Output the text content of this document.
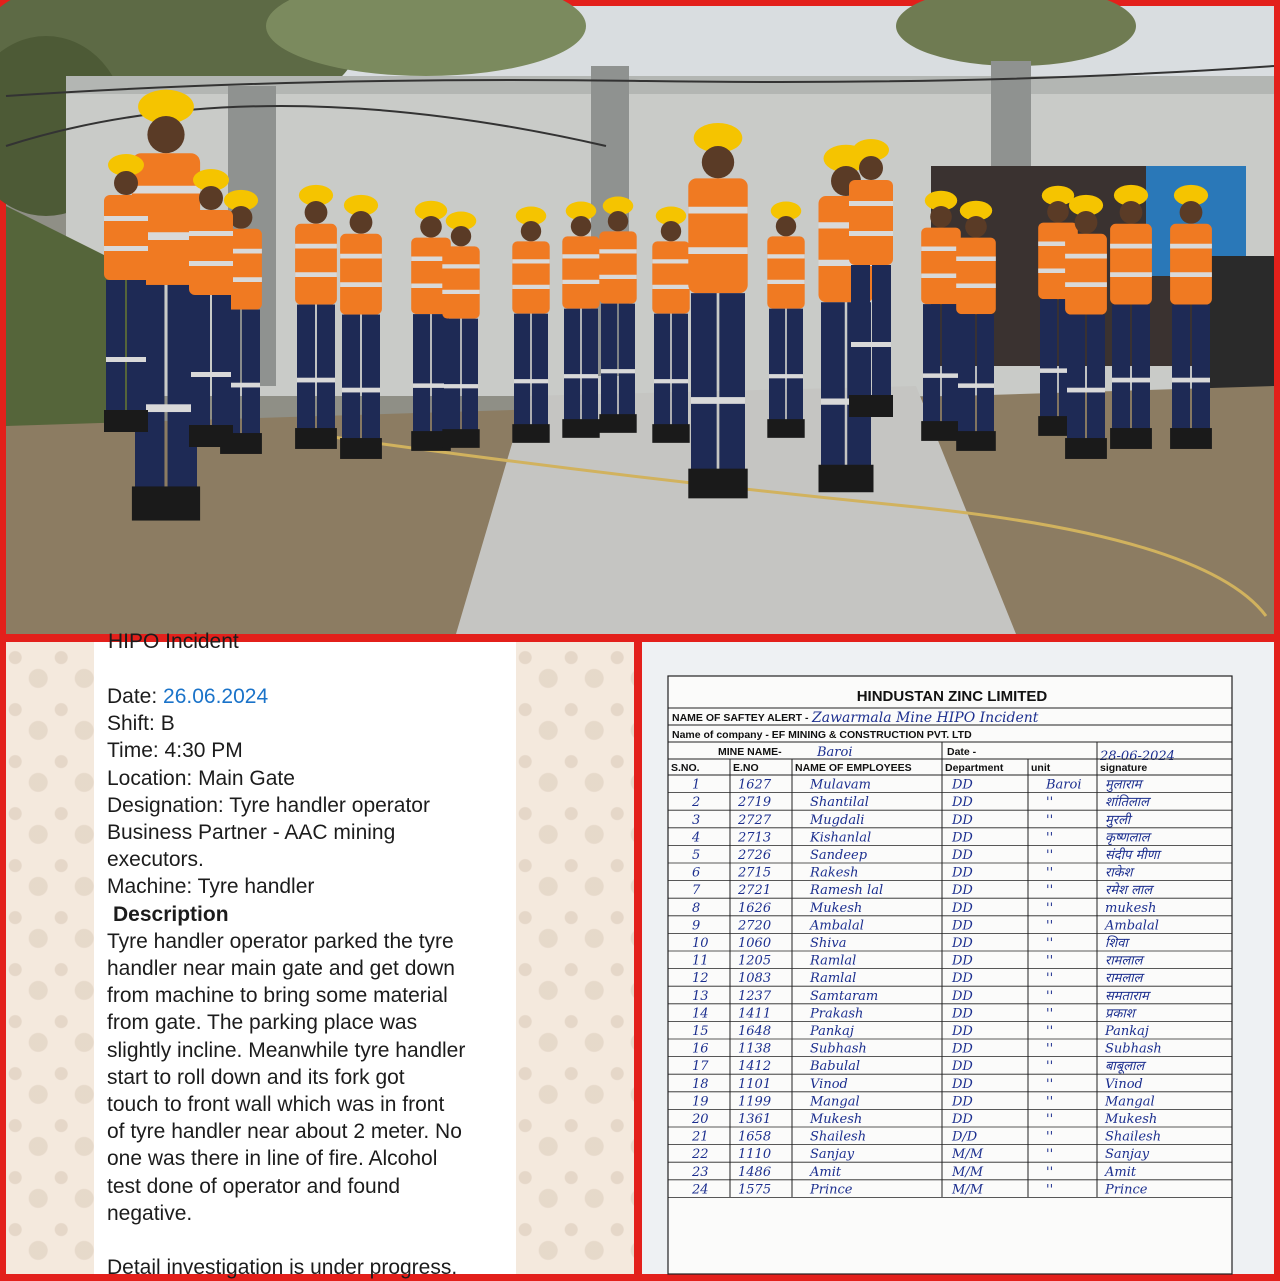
HIPO Incident
Date: 26.06.2024
Shift: B
Time: 4:30 PM
Location: Main Gate
Designation: Tyre handler operator
Business Partner - AAC mining
executors.
Machine: Tyre handler
Description
Tyre handler operator parked the tyre
handler near main gate and get down
from machine to bring some material
from gate. The parking place was
slightly incline. Meanwhile tyre handler
start to roll down and its fork got
touch to front wall which was in front
of tyre handler near about 2 meter. No
one was there in line of fire. Alcohol
test done of operator and found
negative.
Detail investigation is under progress.
HINDUSTAN ZINC LIMITED
NAME OF SAFTEY ALERT - Zawarmala Mine HIPO Incident
Name of company - EF MINING & CONSTRUCTION PVT. LTD
MINE NAME-	Baroi	Date -	28-06-2024
S.NO.	E.NO	NAME OF EMPLOYEES	Department	unit	signature
1	1627	Mulavam	DD	Baroi मुलाराम
2	2719	Shantilal	DD	''	शांतिलाल
3	2727	Mugdali	DD	''	मुरली
4	2713	Kishanlal	DD	''	कृष्णलाल
5	2726	Sandeep	DD	''	संदीप मीणा
6	2715	Rakesh	DD	''	राकेश
7	2721	Ramesh lal	DD	''	रमेश लाल
8	1626	Mukesh	DD	''	mukesh
9	2720	Ambalal	DD	''	Ambalal
10 1060	Shiva	DD	''	शिवा
11 1205	Ramlal	DD	''	रामलाल
12 1083	Ramlal	DD	''	रामलाल
13 1237	Samtaram	DD	''	समताराम
14 1411	Prakash	DD	''	प्रकाश
15 1648	Pankaj	DD	''	Pankaj
16 1138	Subhash	DD	''	Subhash
17 1412	Babulal	DD	''	बाबूलाल
18 1101	Vinod	DD	''	Vinod
19 1199	Mangal	DD	''	Mangal
20 1361	Mukesh	DD	''	Mukesh
21 1658	Shailesh	D/D	''	Shailesh
22 1110	Sanjay	M/M	''	Sanjay
23 1486	Amit	M/M	''	Amit
24 1575	Prince	M/M	''	Prince
